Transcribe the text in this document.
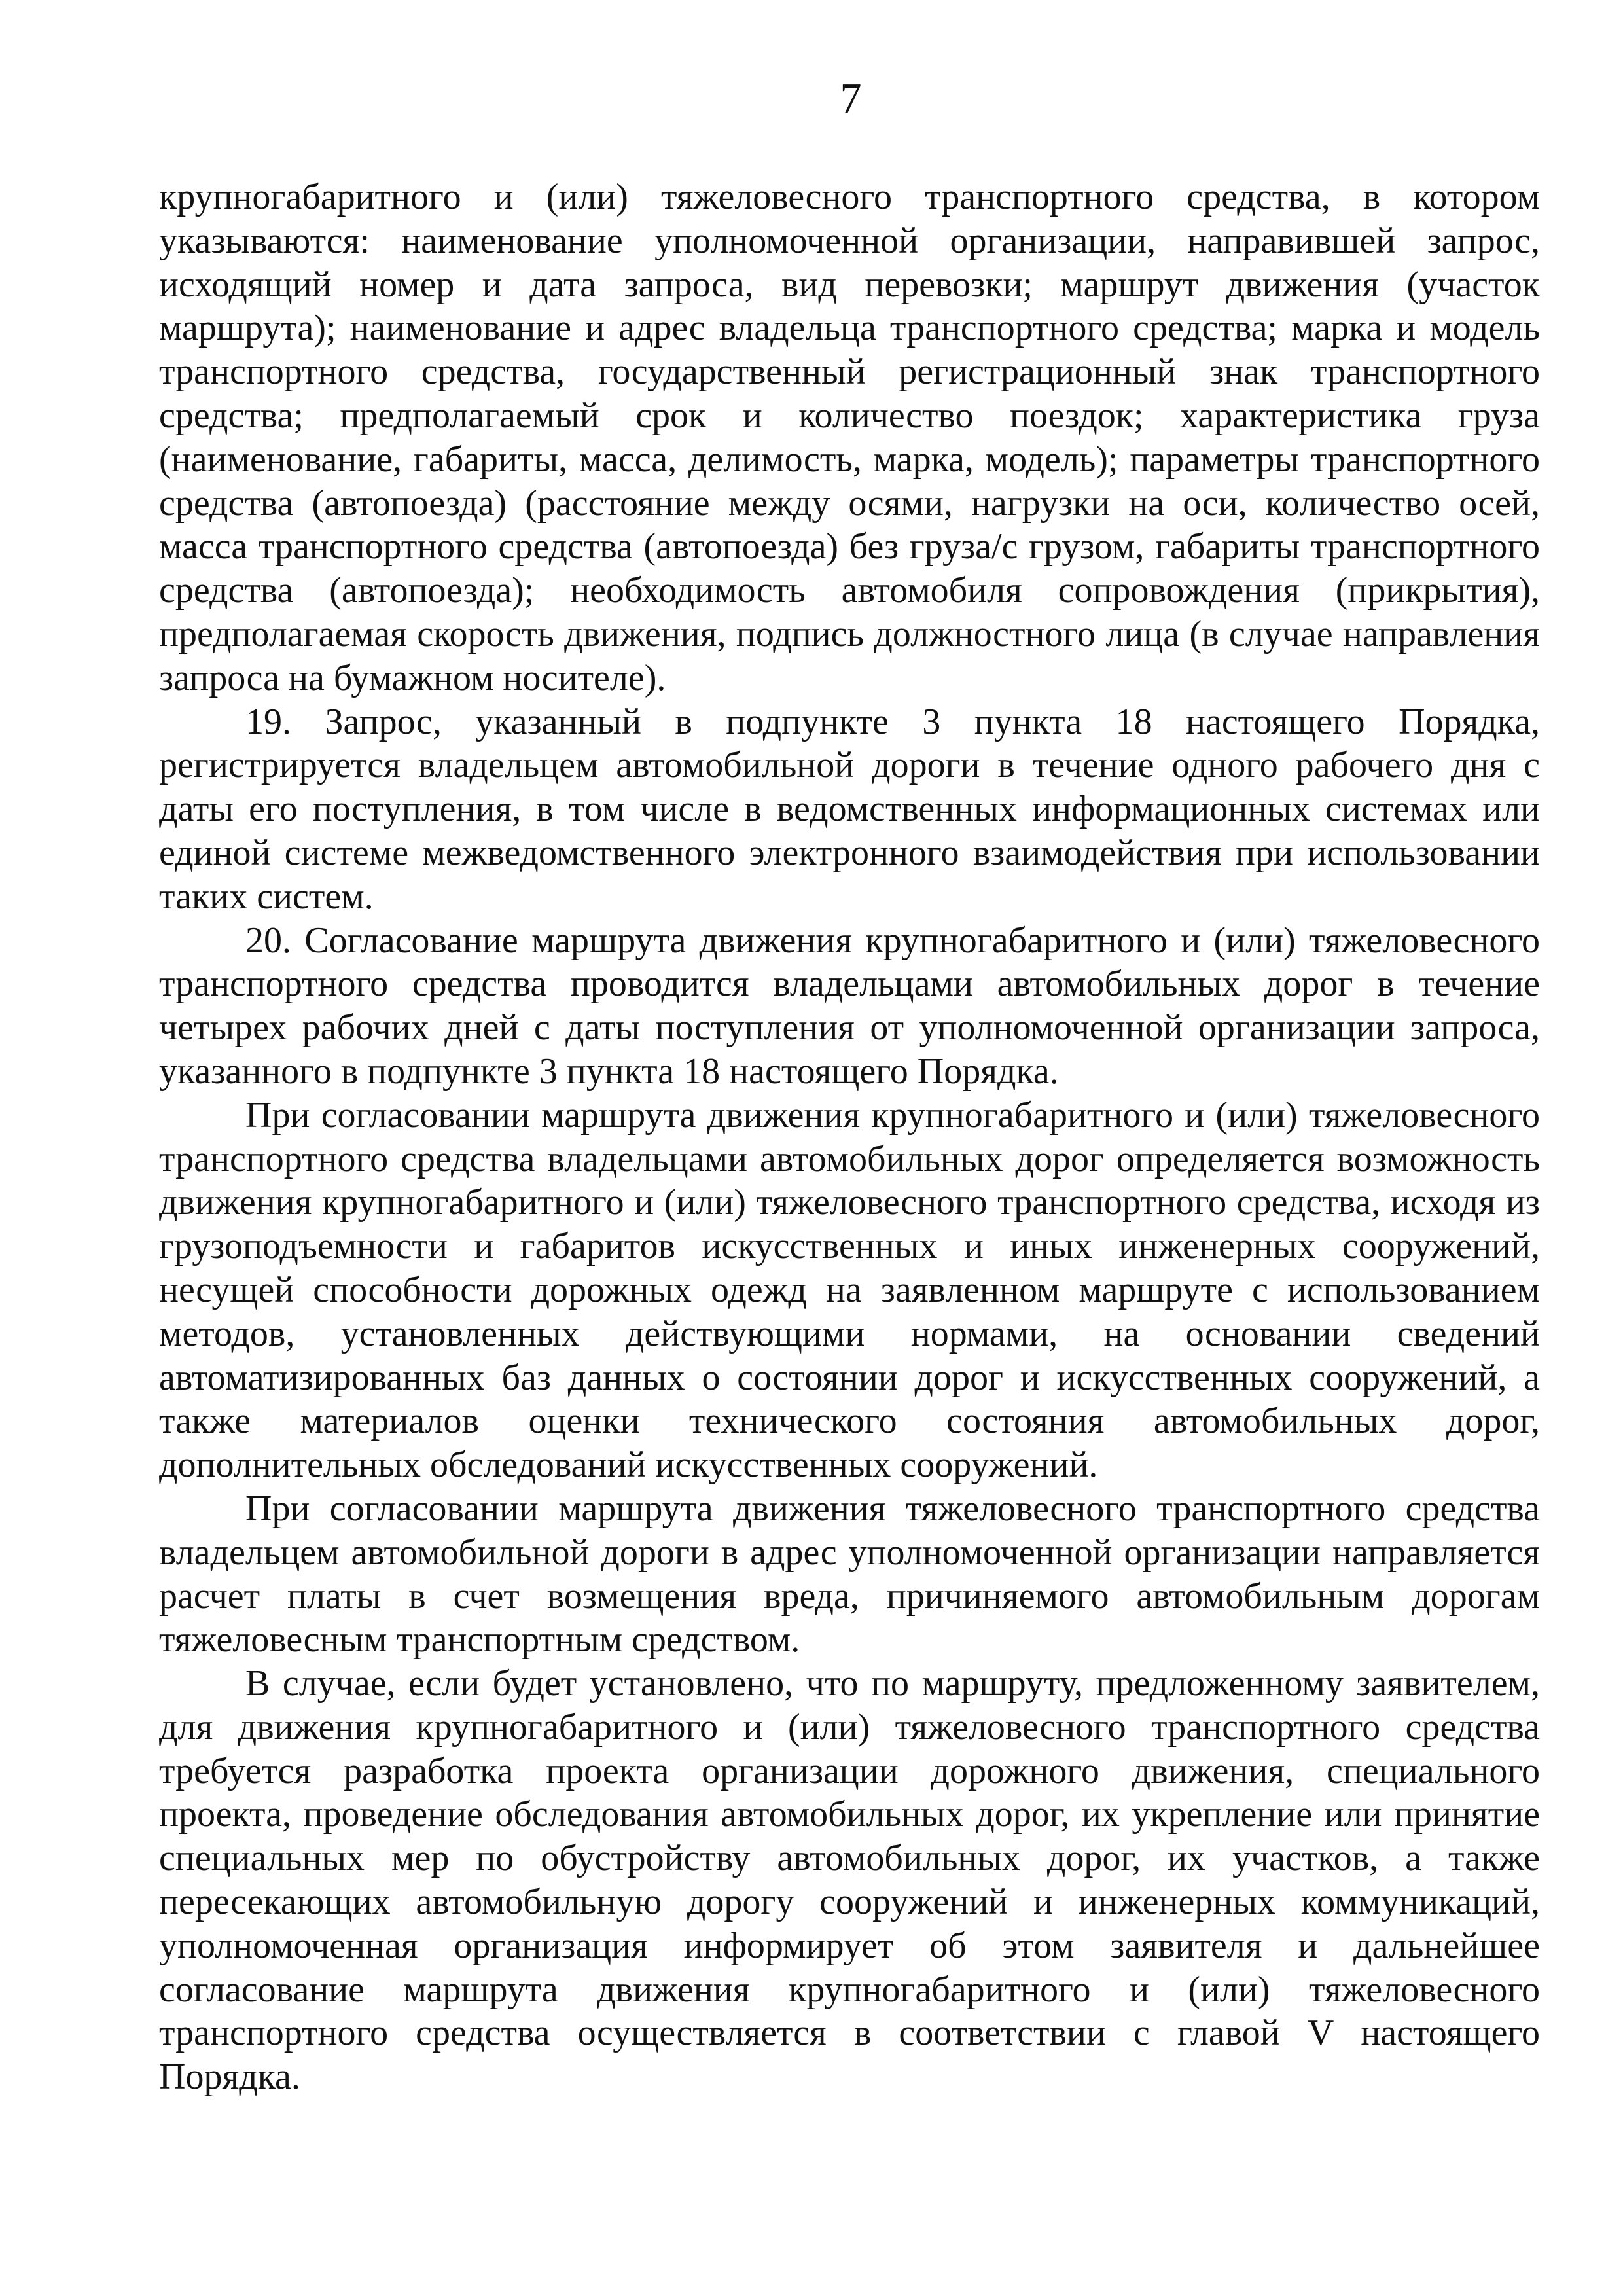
7

крупногабаритного и (или) тяжеловесного транспортного средства, в котором указываются: наименование уполномоченной организации, направившей запрос, исходящий номер и дата запроса, вид перевозки; маршрут движения (участок маршрута); наименование и адрес владельца транспортного средства; марка и модель транспортного средства, государственный регистрационный знак транспортного средства; предполагаемый срок и количество поездок; характеристика груза (наименование, габариты, масса, делимость, марка, модель); параметры транспортного средства (автопоезда) (расстояние между осями, нагрузки на оси, количество осей, масса транспортного средства (автопоезда) без груза/с грузом, габариты транспортного средства (автопоезда); необходимость автомобиля сопровождения (прикрытия), предполагаемая скорость движения, подпись должностного лица (в случае направления запроса на бумажном носителе).

19. Запрос, указанный в подпункте 3 пункта 18 настоящего Порядка, регистрируется владельцем автомобильной дороги в течение одного рабочего дня с даты его поступления, в том числе в ведомственных информационных системах или единой системе межведомственного электронного взаимодействия при использовании таких систем.

20. Согласование маршрута движения крупногабаритного и (или) тяжеловесного транспортного средства проводится владельцами автомобильных дорог в течение четырех рабочих дней с даты поступления от уполномоченной организации запроса, указанного в подпункте 3 пункта 18 настоящего Порядка.

При согласовании маршрута движения крупногабаритного и (или) тяжеловесного транспортного средства владельцами автомобильных дорог определяется возможность движения крупногабаритного и (или) тяжеловесного транспортного средства, исходя из грузоподъемности и габаритов искусственных и иных инженерных сооружений, несущей способности дорожных одежд на заявленном маршруте с использованием методов, установленных действующими нормами, на основании сведений автоматизированных баз данных о состоянии дорог и искусственных сооружений, а также материалов оценки технического состояния автомобильных дорог, дополнительных обследований искусственных сооружений.

При согласовании маршрута движения тяжеловесного транспортного средства владельцем автомобильной дороги в адрес уполномоченной организации направляется расчет платы в счет возмещения вреда, причиняемого автомобильным дорогам тяжеловесным транспортным средством.

В случае, если будет установлено, что по маршруту, предложенному заявителем, для движения крупногабаритного и (или) тяжеловесного транспортного средства требуется разработка проекта организации дорожного движения, специального проекта, проведение обследования автомобильных дорог, их укрепление или принятие специальных мер по обустройству автомобильных дорог, их участков, а также пересекающих автомобильную дорогу сооружений и инженерных коммуникаций, уполномоченная организация информирует об этом заявителя и дальнейшее согласование маршрута движения крупногабаритного и (или) тяжеловесного транспортного средства осуществляется в соответствии с главой V настоящего Порядка.
